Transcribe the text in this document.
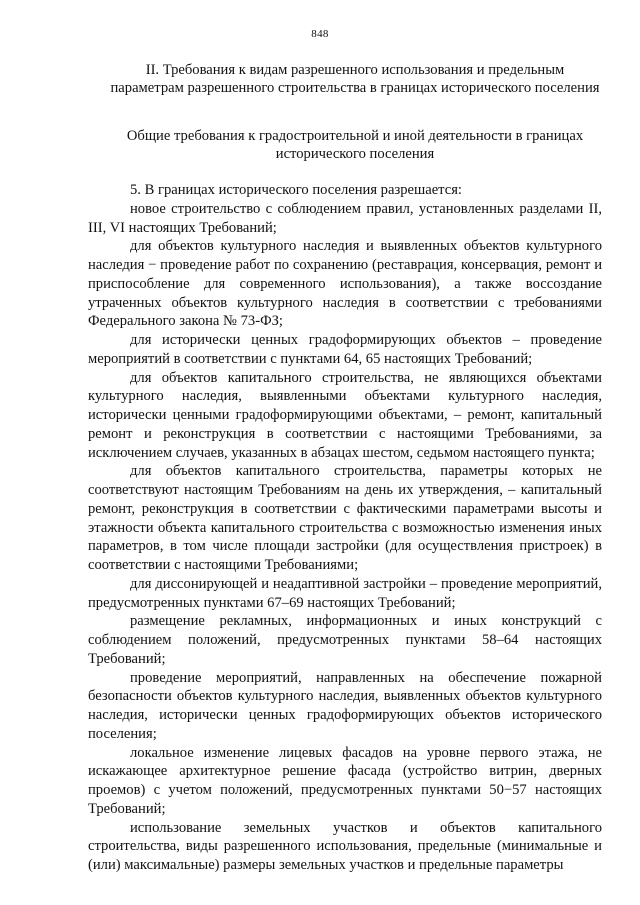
848
II. Требования к видам разрешенного использования и предельным параметрам разрешенного строительства в границах исторического поселения
Общие требования к градостроительной и иной деятельности в границах исторического поселения

5. В границах исторического поселения разрешается:

новое строительство с соблюдением правил, установленных разделами II, III, VI настоящих Требований;

для объектов культурного наследия и выявленных объектов культурного наследия − проведение работ по сохранению (реставрация, консервация, ремонт и приспособление для современного использования), а также воссоздание утраченных объектов культурного наследия в соответствии с требованиями Федерального закона № 73-ФЗ;

для исторически ценных градоформирующих объектов – проведение мероприятий в соответствии с пунктами 64, 65 настоящих Требований;

для объектов капитального строительства, не являющихся объектами культурного наследия, выявленными объектами культурного наследия, исторически ценными градоформирующими объектами, – ремонт, капитальный ремонт и реконструкция в соответствии с настоящими Требованиями, за исключением случаев, указанных в абзацах шестом, седьмом настоящего пункта;

для объектов капитального строительства, параметры которых не соответствуют настоящим Требованиям на день их утверждения, – капитальный ремонт, реконструкция в соответствии с фактическими параметрами высоты и этажности объекта капитального строительства с возможностью изменения иных параметров, в том числе площади застройки (для осуществления пристроек) в соответствии с настоящими Требованиями;

для диссонирующей и неадаптивной застройки – проведение мероприятий, предусмотренных пунктами 67–69 настоящих Требований;

размещение рекламных, информационных и иных конструкций с соблюдением положений, предусмотренных пунктами 58–64 настоящих Требований;

проведение мероприятий, направленных на обеспечение пожарной безопасности объектов культурного наследия, выявленных объектов культурного наследия, исторически ценных градоформирующих объектов исторического поселения;

локальное изменение лицевых фасадов на уровне первого этажа, не искажающее архитектурное решение фасада (устройство витрин, дверных проемов) с учетом положений, предусмотренных пунктами 50−57 настоящих Требований;

использование земельных участков и объектов капитального строительства, виды разрешенного использования, предельные (минимальные и (или) максимальные) размеры земельных участков и предельные параметры
